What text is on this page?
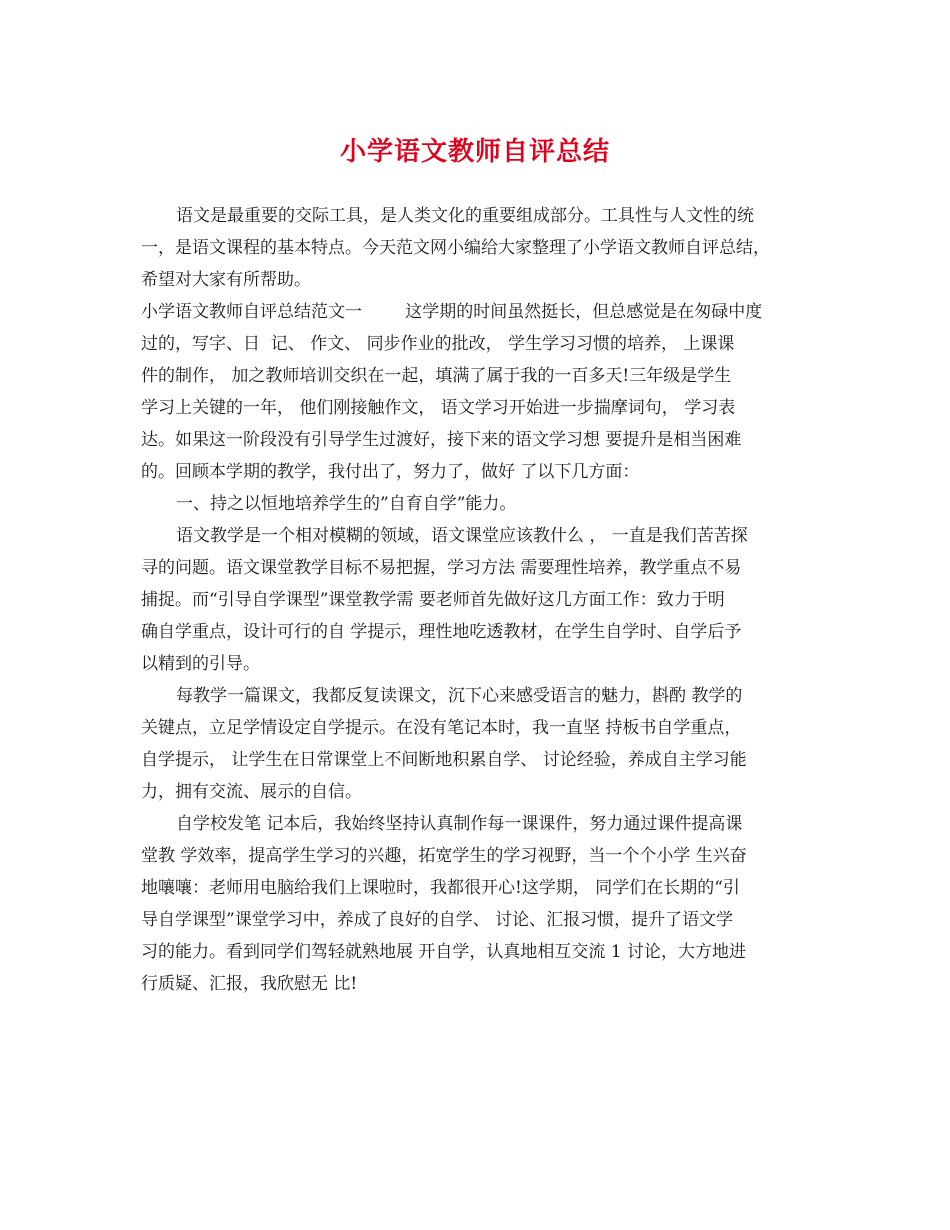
小学语文教师自评总结
语文是最重要的交际工具，是人类文化的重要组成部分。工具性与人文性的统
一，是语文课程的基本特点。今天范文网小编给大家整理了小学语文教师自评总结，
希望对大家有所帮助。
小学语文教师自评总结范文一        这学期的时间虽然挺长，但总感觉是在匆碌中度
过的，写字、日  记、 作文、 同步作业的批改， 学生学习习惯的培养， 上课课
件的制作， 加之教师培训交织在一起，填满了属于我的一百多天!三年级是学生
学习上关键的一年， 他们刚接触作文， 语文学习开始进一步揣摩词句， 学习表
达。如果这一阶段没有引导学生过渡好，接下来的语文学习想 要提升是相当困难
的。回顾本学期的教学，我付出了，努力了，做好 了以下几方面：
一、持之以恒地培养学生的”自育自学”能力。
语文教学是一个相对模糊的领域，语文课堂应该教什么 ， 一直是我们苦苦探
寻的问题。语文课堂教学目标不易把握，学习方法 需要理性培养，教学重点不易
捕捉。而“引导自学课型”课堂教学需 要老师首先做好这几方面工作：致力于明
确自学重点，设计可行的自 学提示，理性地吃透教材，在学生自学时、自学后予
以精到的引导。
每教学一篇课文，我都反复读课文，沉下心来感受语言的魅力，斟酌 教学的
关键点，立足学情设定自学提示。在没有笔记本时，我一直坚 持板书自学重点，
自学提示， 让学生在日常课堂上不间断地积累自学、 讨论经验，养成自主学习能
力，拥有交流、展示的自信。
自学校发笔 记本后，我始终坚持认真制作每一课课件，努力通过课件提高课
堂教 学效率，提高学生学习的兴趣，拓宽学生的学习视野，当一个个小学 生兴奋
地嚷嚷：老师用电脑给我们上课啦时，我都很开心!这学期， 同学们在长期的“引
导自学课型”课堂学习中，养成了良好的自学、 讨论、汇报习惯，提升了语文学
习的能力。看到同学们驾轻就熟地展 开自学，认真地相互交流 1 讨论，大方地进
行质疑、汇报，我欣慰无 比!
